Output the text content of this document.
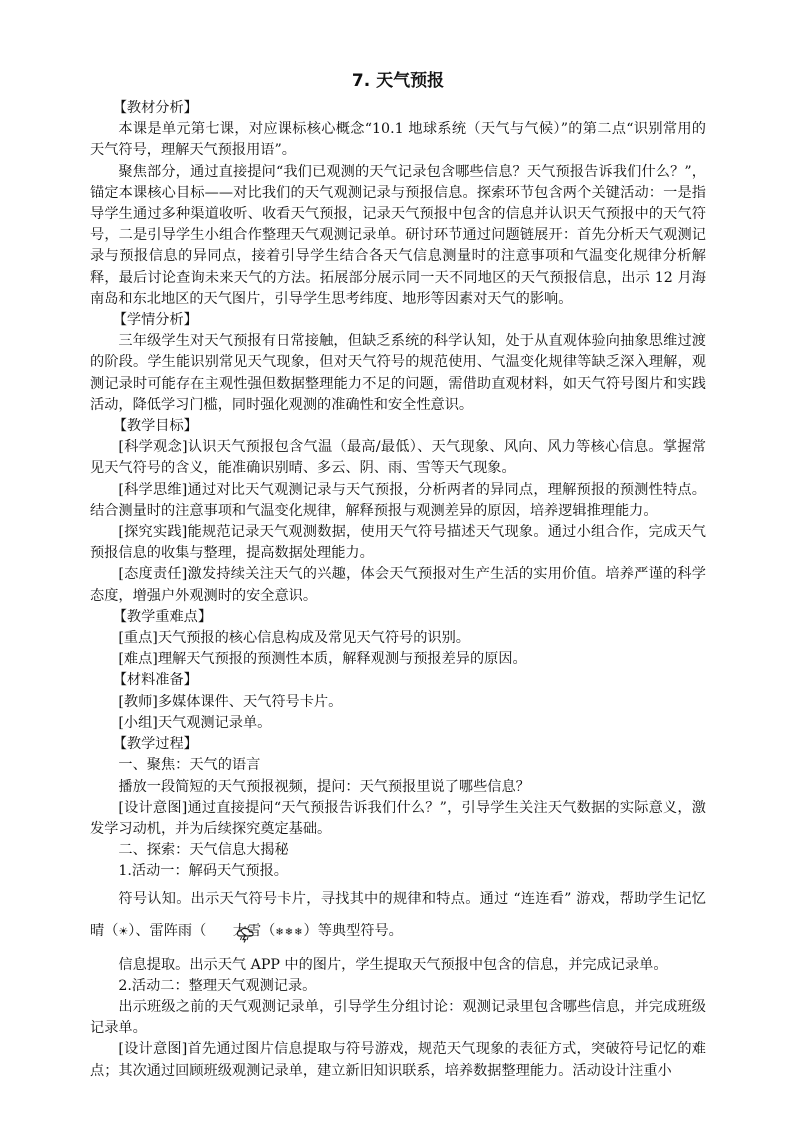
7. 天气预报

【教材分析】

本课是单元第七课，对应课标核心概念“10.1 地球系统（天气与气候）”的第二点“识别常用的天气符号，理解天气预报用语”。

聚焦部分，通过直接提问“我们已观测的天气记录包含哪些信息？天气预报告诉我们什么？”，锚定本课核心目标——对比我们的天气观测记录与预报信息。探索环节包含两个关键活动：一是指导学生通过多种渠道收听、收看天气预报，记录天气预报中包含的信息并认识天气预报中的天气符号，二是引导学生小组合作整理天气观测记录单。研讨环节通过问题链展开：首先分析天气观测记录与预报信息的异同点，接着引导学生结合各天气信息测量时的注意事项和气温变化规律分析解释，最后讨论查询未来天气的方法。拓展部分展示同一天不同地区的天气预报信息，出示 12 月海南岛和东北地区的天气图片，引导学生思考纬度、地形等因素对天气的影响。

【学情分析】

三年级学生对天气预报有日常接触，但缺乏系统的科学认知，处于从直观体验向抽象思维过渡的阶段。学生能识别常见天气现象，但对天气符号的规范使用、气温变化规律等缺乏深入理解，观测记录时可能存在主观性强但数据整理能力不足的问题，需借助直观材料，如天气符号图片和实践活动，降低学习门槛，同时强化观测的准确性和安全性意识。

【教学目标】

[科学观念]认识天气预报包含气温（最高/最低）、天气现象、风向、风力等核心信息。掌握常见天气符号的含义，能准确识别晴、多云、阴、雨、雪等天气现象。

[科学思维]通过对比天气观测记录与天气预报，分析两者的异同点，理解预报的预测性特点。结合测量时的注意事项和气温变化规律，解释预报与观测差异的原因，培养逻辑推理能力。

[探究实践]能规范记录天气观测数据，使用天气符号描述天气现象。通过小组合作，完成天气预报信息的收集与整理，提高数据处理能力。

[态度责任]激发持续关注天气的兴趣，体会天气预报对生产生活的实用价值。培养严谨的科学态度，增强户外观测时的安全意识。

【教学重难点】

[重点]天气预报的核心信息构成及常见天气符号的识别。

[难点]理解天气预报的预测性本质，解释观测与预报差异的原因。

【材料准备】

[教师]多媒体课件、天气符号卡片。

[小组]天气观测记录单。

【教学过程】

一、聚焦：天气的语言

播放一段简短的天气预报视频，提问：天气预报里说了哪些信息？

[设计意图]通过直接提问“天气预报告诉我们什么？”，引导学生关注天气数据的实际意义，激发学习动机，并为后续探究奠定基础。

二、探索：天气信息大揭秘

1.活动一：解码天气预报。

符号认知。出示天气符号卡片，寻找其中的规律和特点。通过 “连连看” 游戏，帮助学生记忆晴（☀）、雷阵雨（ 大雪（❄❄❄）等典型符号。

信息提取。出示天气 APP 中的图片，学生提取天气预报中包含的信息，并完成记录单。

2.活动二：整理天气观测记录。

出示班级之前的天气观测记录单，引导学生分组讨论：观测记录里包含哪些信息，并完成班级记录单。

[设计意图]首先通过图片信息提取与符号游戏，规范天气现象的表征方式，突破符号记忆的难点；其次通过回顾班级观测记录单，建立新旧知识联系，培养数据整理能力。活动设计注重小
